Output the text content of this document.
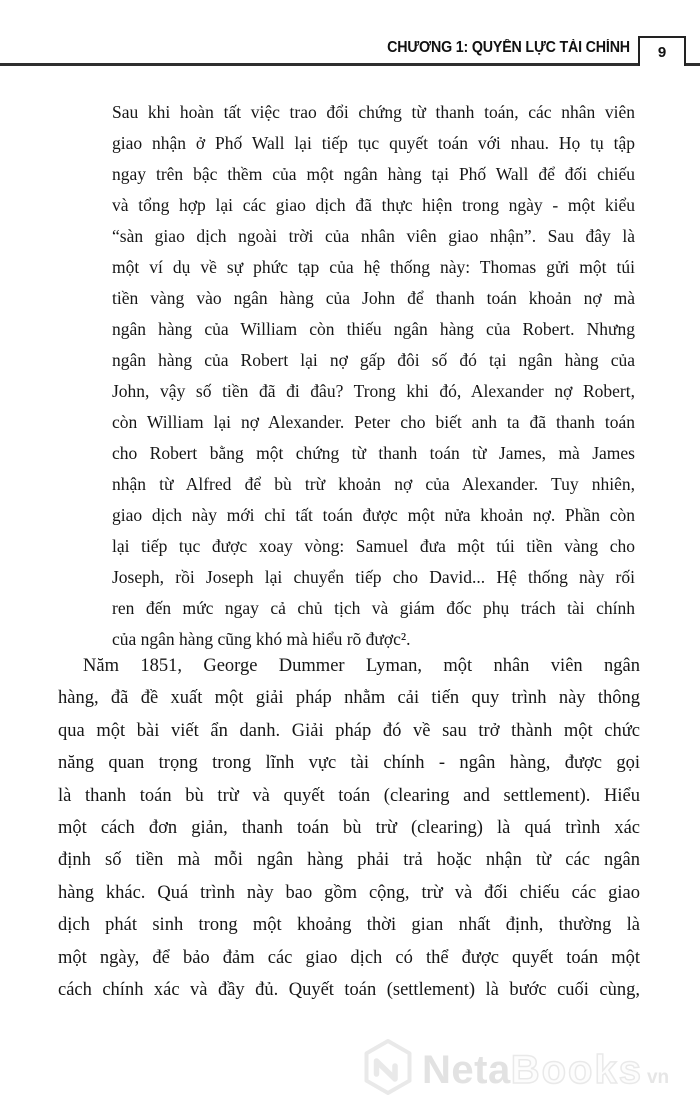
CHƯƠNG 1: QUYỀN LỰC TÀI CHÍNH 9
Sau khi hoàn tất việc trao đổi chứng từ thanh toán, các nhân viên
giao nhận ở Phố Wall lại tiếp tục quyết toán với nhau. Họ tụ tập
ngay trên bậc thềm của một ngân hàng tại Phố Wall để đối chiếu
và tổng hợp lại các giao dịch đã thực hiện trong ngày - một kiểu
“sàn giao dịch ngoài trời của nhân viên giao nhận”. Sau đây là
một ví dụ về sự phức tạp của hệ thống này: Thomas gửi một túi
tiền vàng vào ngân hàng của John để thanh toán khoản nợ mà
ngân hàng của William còn thiếu ngân hàng của Robert. Nhưng
ngân hàng của Robert lại nợ gấp đôi số đó tại ngân hàng của
John, vậy số tiền đã đi đâu? Trong khi đó, Alexander nợ Robert,
còn William lại nợ Alexander. Peter cho biết anh ta đã thanh toán
cho Robert bằng một chứng từ thanh toán từ James, mà James
nhận từ Alfred để bù trừ khoản nợ của Alexander. Tuy nhiên,
giao dịch này mới chỉ tất toán được một nửa khoản nợ. Phần còn
lại tiếp tục được xoay vòng: Samuel đưa một túi tiền vàng cho
Joseph, rồi Joseph lại chuyển tiếp cho David... Hệ thống này rối
ren đến mức ngay cả chủ tịch và giám đốc phụ trách tài chính
của ngân hàng cũng khó mà hiểu rõ được².
Năm 1851, George Dummer Lyman, một nhân viên ngân
hàng, đã đề xuất một giải pháp nhằm cải tiến quy trình này thông
qua một bài viết ẩn danh. Giải pháp đó về sau trở thành một chức
năng quan trọng trong lĩnh vực tài chính - ngân hàng, được gọi
là thanh toán bù trừ và quyết toán (clearing and settlement). Hiểu
một cách đơn giản, thanh toán bù trừ (clearing) là quá trình xác
định số tiền mà mỗi ngân hàng phải trả hoặc nhận từ các ngân
hàng khác. Quá trình này bao gồm cộng, trừ và đối chiếu các giao
dịch phát sinh trong một khoảng thời gian nhất định, thường là
một ngày, để bảo đảm các giao dịch có thể được quyết toán một
cách chính xác và đầy đủ. Quyết toán (settlement) là bước cuối cùng,
Neta Books vn
